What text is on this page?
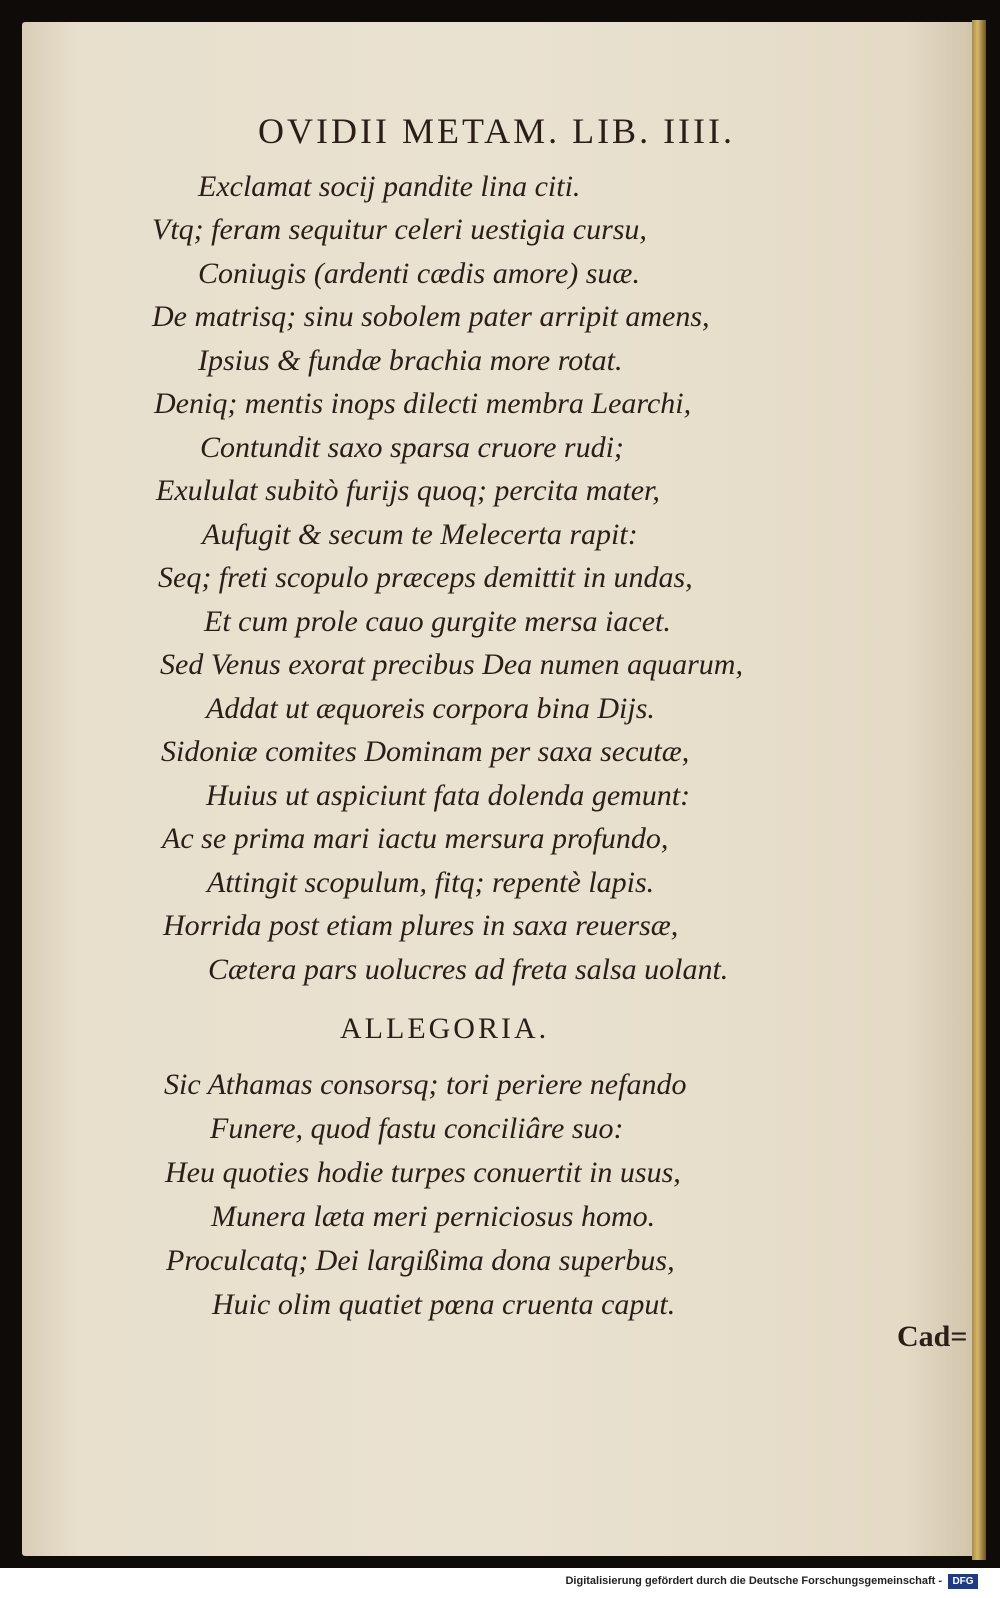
OVIDII METAM. LIB. IIII.

Exclamat socij pandite lina citi.

Vtq; feram sequitur celeri uestigia cursu,

Coniugis (ardenti cædis amore) suæ.

De matrisq; sinu sobolem pater arripit amens,

Ipsius & fundæ brachia more rotat.

Deniq; mentis inops dilecti membra Learchi,

Contundit saxo sparsa cruore rudi;

Exululat subitò furijs quoq; percita mater,

Aufugit & secum te Melecerta rapit:

Seq; freti scopulo præceps demittit in undas,

Et cum prole cauo gurgite mersa iacet.

Sed Venus exorat precibus Dea numen aquarum,

Addat ut æquoreis corpora bina Dijs.

Sidoniæ comites Dominam per saxa secutæ,

Huius ut aspiciunt fata dolenda gemunt:

Ac se prima mari iactu mersura profundo,

Attingit scopulum, fitq; repentè lapis.

Horrida post etiam plures in saxa reuersæ,

Cætera pars uolucres ad freta salsa uolant.

ALLEGORIA.

Sic Athamas consorsq; tori periere nefando

Funere, quod fastu conciliâre suo:

Heu quoties hodie turpes conuertit in usus,

Munera læta meri perniciosus homo.

Proculcatq; Dei largißima dona superbus,

Huic olim quatiet pœna cruenta caput.

Cad=
Digitalisierung gefördert durch die Deutsche Forschungsgemeinschaft -	DFG
